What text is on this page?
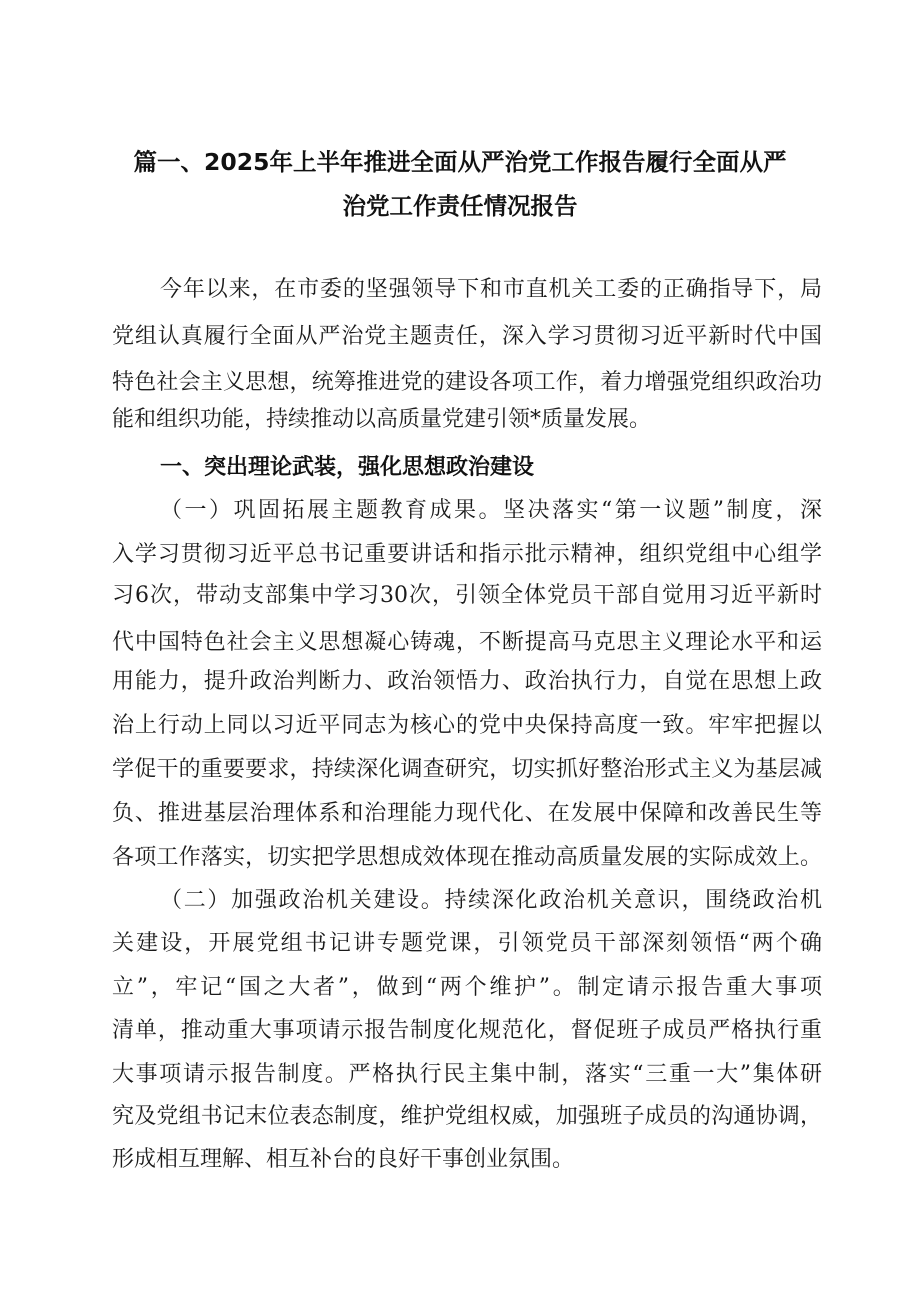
篇一、2025年上半年推进全面从严治党工作报告履行全面从严
治党工作责任情况报告
今年以来，在市委的坚强领导下和市直机关工委的正确指导下，局
党组认真履行全面从严治党主题责任，深入学习贯彻习近平新时代中国
特色社会主义思想，统筹推进党的建设各项工作，着力增强党组织政治功
能和组织功能，持续推动以高质量党建引领*质量发展。
一、突出理论武装，强化思想政治建设
（一）巩固拓展主题教育成果。坚决落实“第一议题”制度，深
入学习贯彻习近平总书记重要讲话和指示批示精神，组织党组中心组学
习6次，带动支部集中学习30次，引领全体党员干部自觉用习近平新时
代中国特色社会主义思想凝心铸魂，不断提高马克思主义理论水平和运
用能力，提升政治判断力、政治领悟力、政治执行力，自觉在思想上政
治上行动上同以习近平同志为核心的党中央保持高度一致。牢牢把握以
学促干的重要要求，持续深化调查研究，切实抓好整治形式主义为基层减
负、推进基层治理体系和治理能力现代化、在发展中保障和改善民生等
各项工作落实，切实把学思想成效体现在推动高质量发展的实际成效上。
（二）加强政治机关建设。持续深化政治机关意识，围绕政治机
关建设，开展党组书记讲专题党课，引领党员干部深刻领悟“两个确
立”，牢记“国之大者”，做到“两个维护”。制定请示报告重大事项
清单，推动重大事项请示报告制度化规范化，督促班子成员严格执行重
大事项请示报告制度。严格执行民主集中制，落实“三重一大”集体研
究及党组书记末位表态制度，维护党组权威，加强班子成员的沟通协调，
形成相互理解、相互补台的良好干事创业氛围。
